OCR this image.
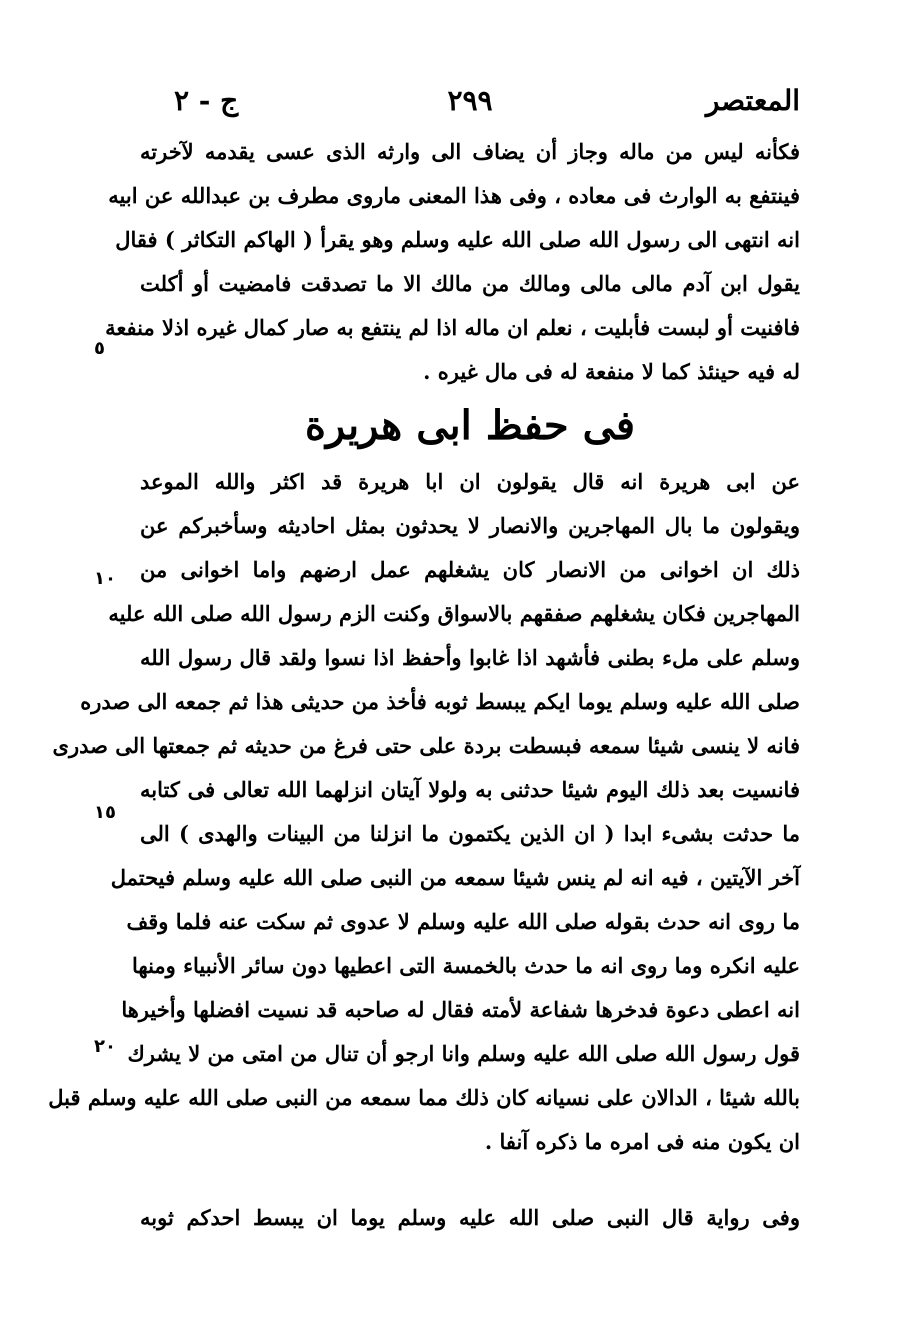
المعتصر
٢٩٩
ج - ٢
فكأنه ليس من ماله وجاز أن يضاف الى وارثه الذى عسى يقدمه لآخرته
فينتفع به الوارث فى معاده ، وفى هذا المعنى ماروى مطرف بن عبدالله عن ابيه
انه انتهى الى رسول الله صلى الله عليه وسلم وهو يقرأ ( الهاكم التكاثر ) فقال
يقول ابن آدم مالى مالى ومالك من مالك الا ما تصدقت فامضيت أو أكلت
فافنيت أو لبست فأبليت ، نعلم ان ماله اذا لم ينتفع به صار كمال غيره اذلا منفعة
له فيه حينئذ كما لا منفعة له فى مال غيره .
فى حفظ ابى هريرة
عن ابى هريرة انه قال يقولون ان ابا هريرة قد اكثر والله الموعد
ويقولون ما بال المهاجرين والانصار لا يحدثون بمثل احاديثه وسأخبركم عن
ذلك ان اخوانى من الانصار كان يشغلهم عمل ارضهم واما اخوانى من
المهاجرين فكان يشغلهم صفقهم بالاسواق وكنت الزم رسول الله صلى الله عليه
وسلم على ملء بطنى فأشهد اذا غابوا وأحفظ اذا نسوا ولقد قال رسول الله
صلى الله عليه وسلم يوما ايكم يبسط ثوبه فأخذ من حديثى هذا ثم جمعه الى صدره
فانه لا ينسى شيئا سمعه فبسطت بردة على حتى فرغ من حديثه ثم جمعتها الى صدرى
فانسيت بعد ذلك اليوم شيئا حدثنى به ولولا آيتان انزلهما الله تعالى فى كتابه
ما حدثت بشىء ابدا ( ان الذين يكتمون ما انزلنا من البينات والهدى ) الى
آخر الآيتين ، فيه انه لم ينس شيئا سمعه من النبى صلى الله عليه وسلم فيحتمل
ما روى انه حدث بقوله صلى الله عليه وسلم لا عدوى ثم سكت عنه فلما وقف
عليه انكره وما روى انه ما حدث بالخمسة التى اعطيها دون سائر الأنبياء ومنها
انه اعطى دعوة فدخرها شفاعة لأمته فقال له صاحبه قد نسيت افضلها وأخيرها
قول رسول الله صلى الله عليه وسلم وانا ارجو أن تنال من امتى من لا يشرك
بالله شيئا ، الدالان على نسيانه كان ذلك مما سمعه من النبى صلى الله عليه وسلم قبل
ان يكون منه فى امره ما ذكره آنفا .
وفى رواية قال النبى صلى الله عليه وسلم يوما ان يبسط احدكم ثوبه
٥
١٠
١٥
٢٠
